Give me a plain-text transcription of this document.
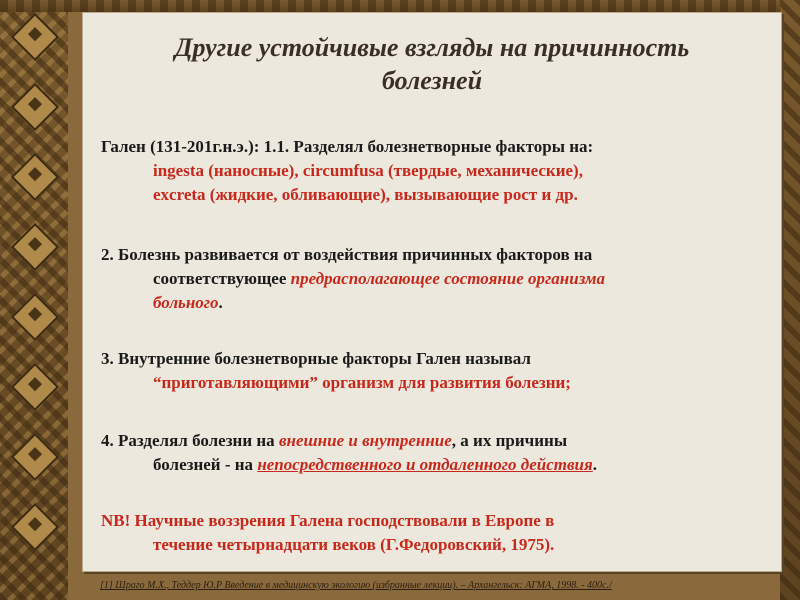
Другие устойчивые взгляды на причинность
болезней
Гален (131-201г.н.э.): 1.1. Разделял болезнетворные факторы на:
ingesta (наносные), circumfusa (твердые, механические),
excreta (жидкие, обливающие), вызывающие рост и др.
2. Болезнь развивается от воздействия причинных факторов на
соответствующее предрасполагающее состояние организма
больного.
3. Внутренние болезнетворные факторы Гален называл
“приготавляющими” организм для развития болезни;
4. Разделял болезни на внешние и внутренние, а их причины
болезней - на непосредственного и отдаленного действия.
NB! Научные воззрения Галена господствовали в Европе в
течение четырнадцати веков (Г.Федоровский, 1975).
[1] Шраго М.Х., Теддер Ю.Р Введение в медицинскую экологию (избранные лекции). – Архангельск: АГМА, 1998. - 400с./
